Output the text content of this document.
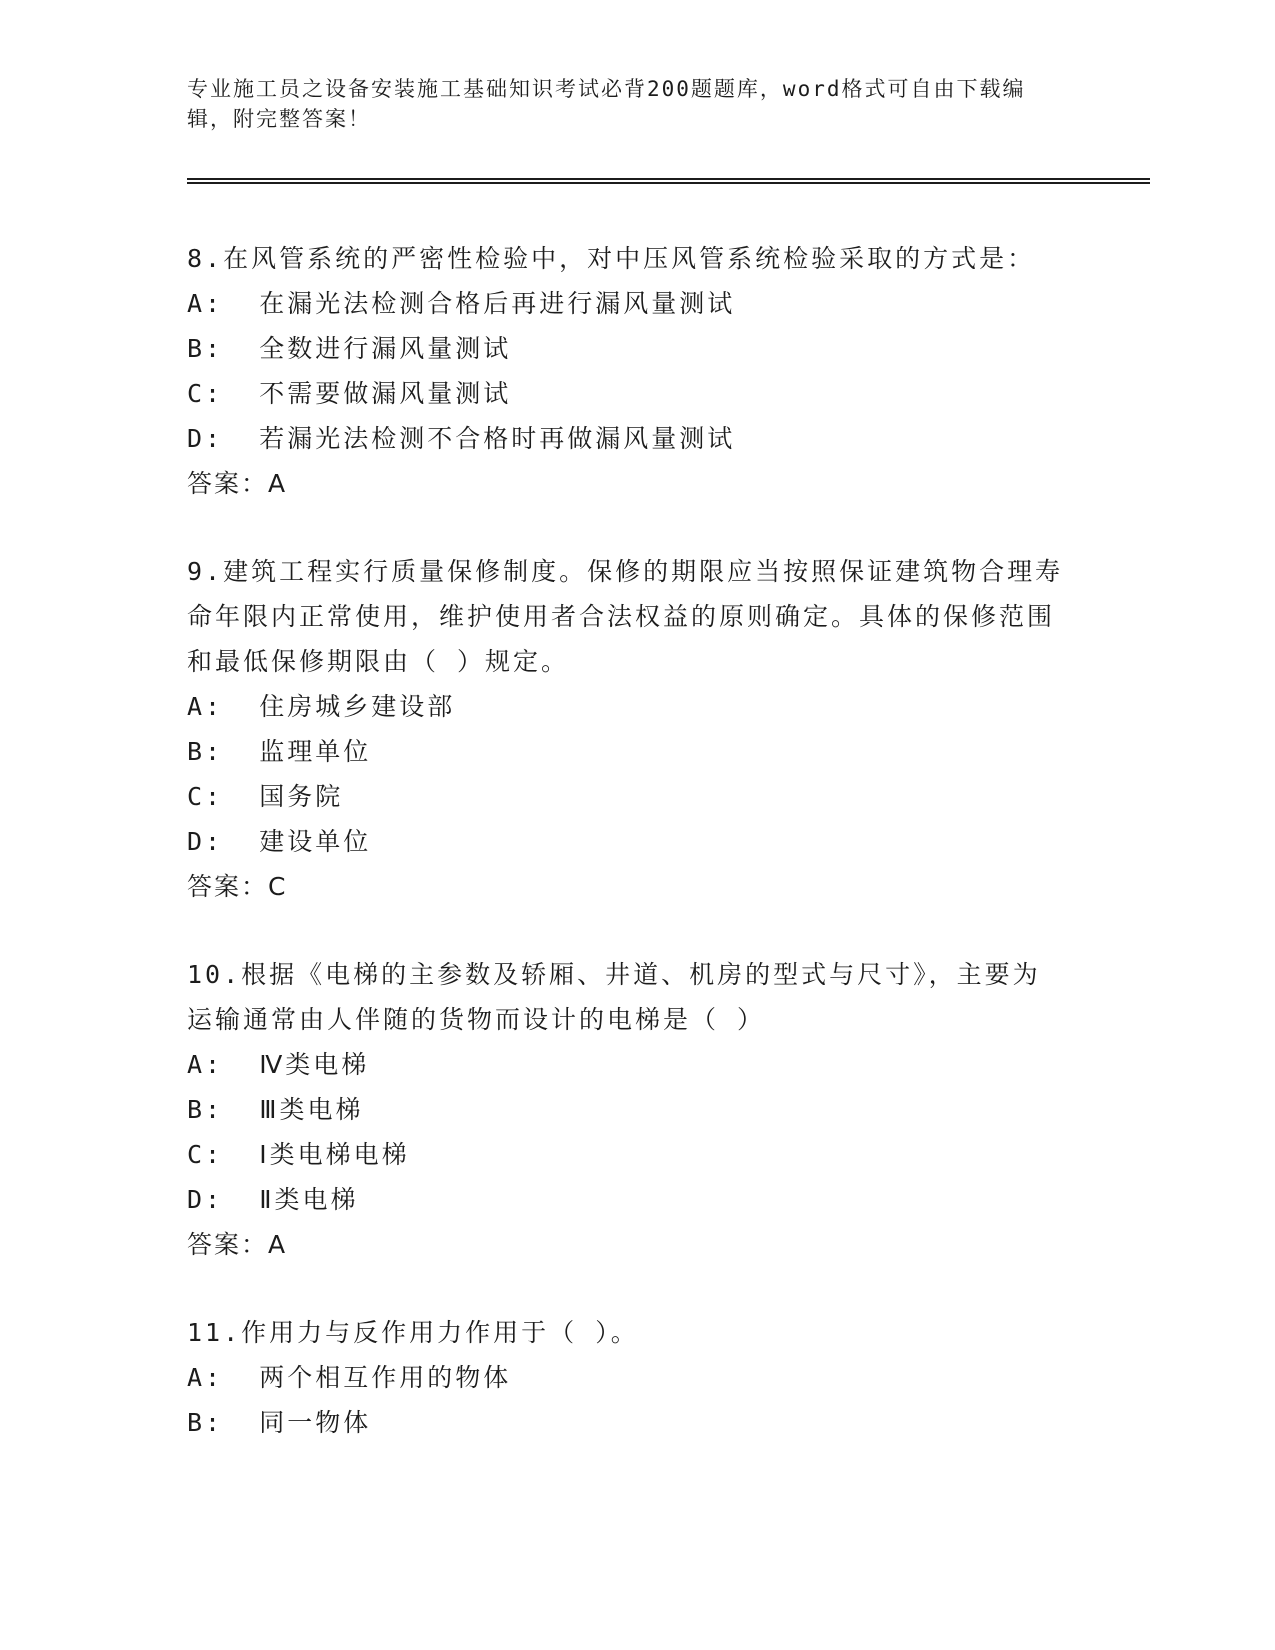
专业施工员之设备安装施工基础知识考试必背200题题库，word格式可自由下载编辑，附完整答案！

8.在风管系统的严密性检验中，对中压风管系统检验采取的方式是：

A:  在漏光法检测合格后再进行漏风量测试

B:  全数进行漏风量测试

C:  不需要做漏风量测试

D:  若漏光法检测不合格时再做漏风量测试

答案：A

9.建筑工程实行质量保修制度。保修的期限应当按照保证建筑物合理寿命年限内正常使用，维护使用者合法权益的原则确定。具体的保修范围和最低保修期限由（ ）规定。

A:  住房城乡建设部

B:  监理单位

C:  国务院

D:  建设单位

答案：C

10.根据《电梯的主参数及轿厢、井道、机房的型式与尺寸》，主要为运输通常由人伴随的货物而设计的电梯是（ ）

A:  Ⅳ类电梯

B:  Ⅲ类电梯

C:  Ⅰ类电梯电梯

D:  Ⅱ类电梯

答案：A

11.作用力与反作用力作用于（ ）。

A:  两个相互作用的物体

B:  同一物体
